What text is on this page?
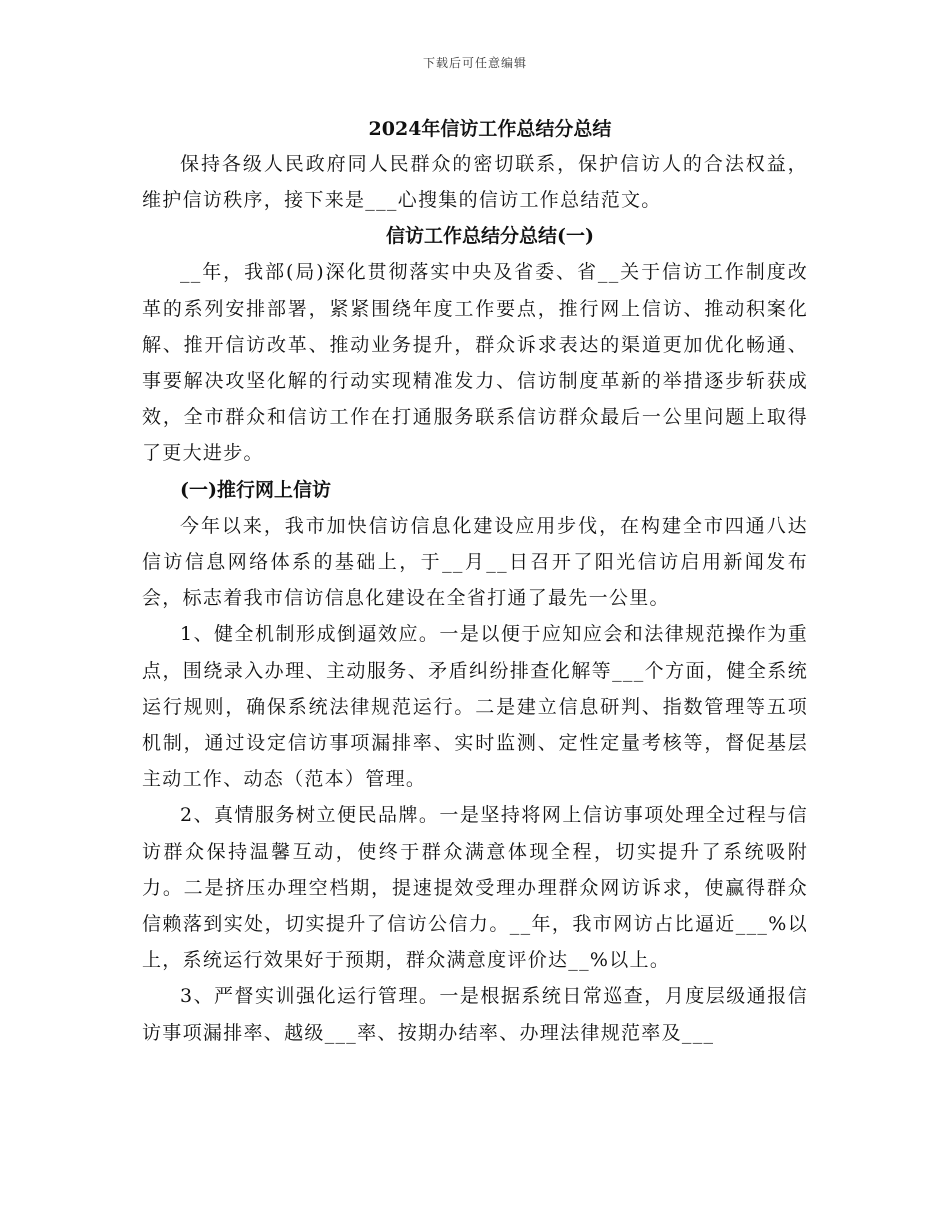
下载后可任意编辑
2024年信访工作总结分总结

保持各级人民政府同人民群众的密切联系，保护信访人的合法权益，维护信访秩序，接下来是___心搜集的信访工作总结范文。

信访工作总结分总结(一)

__年，我部(局)深化贯彻落实中央及省委、省__关于信访工作制度改革的系列安排部署，紧紧围绕年度工作要点，推行网上信访、推动积案化解、推开信访改革、推动业务提升，群众诉求表达的渠道更加优化畅通、事要解决攻坚化解的行动实现精准发力、信访制度革新的举措逐步斩获成效，全市群众和信访工作在打通服务联系信访群众最后一公里问题上取得了更大进步。

(一)推行网上信访

今年以来，我市加快信访信息化建设应用步伐，在构建全市四通八达信访信息网络体系的基础上，于__月__日召开了阳光信访启用新闻发布会，标志着我市信访信息化建设在全省打通了最先一公里。

1、健全机制形成倒逼效应。一是以便于应知应会和法律规范操作为重点，围绕录入办理、主动服务、矛盾纠纷排查化解等___个方面，健全系统运行规则，确保系统法律规范运行。二是建立信息研判、指数管理等五项机制，通过设定信访事项漏排率、实时监测、定性定量考核等，督促基层主动工作、动态（范本）管理。

2、真情服务树立便民品牌。一是坚持将网上信访事项处理全过程与信访群众保持温馨互动，使终于群众满意体现全程，切实提升了系统吸附力。二是挤压办理空档期，提速提效受理办理群众网访诉求，使赢得群众信赖落到实处，切实提升了信访公信力。__年，我市网访占比逼近___%以上，系统运行效果好于预期，群众满意度评价达__%以上。

3、严督实训强化运行管理。一是根据系统日常巡查，月度层级通报信访事项漏排率、越级___率、按期办结率、办理法律规范率及___
